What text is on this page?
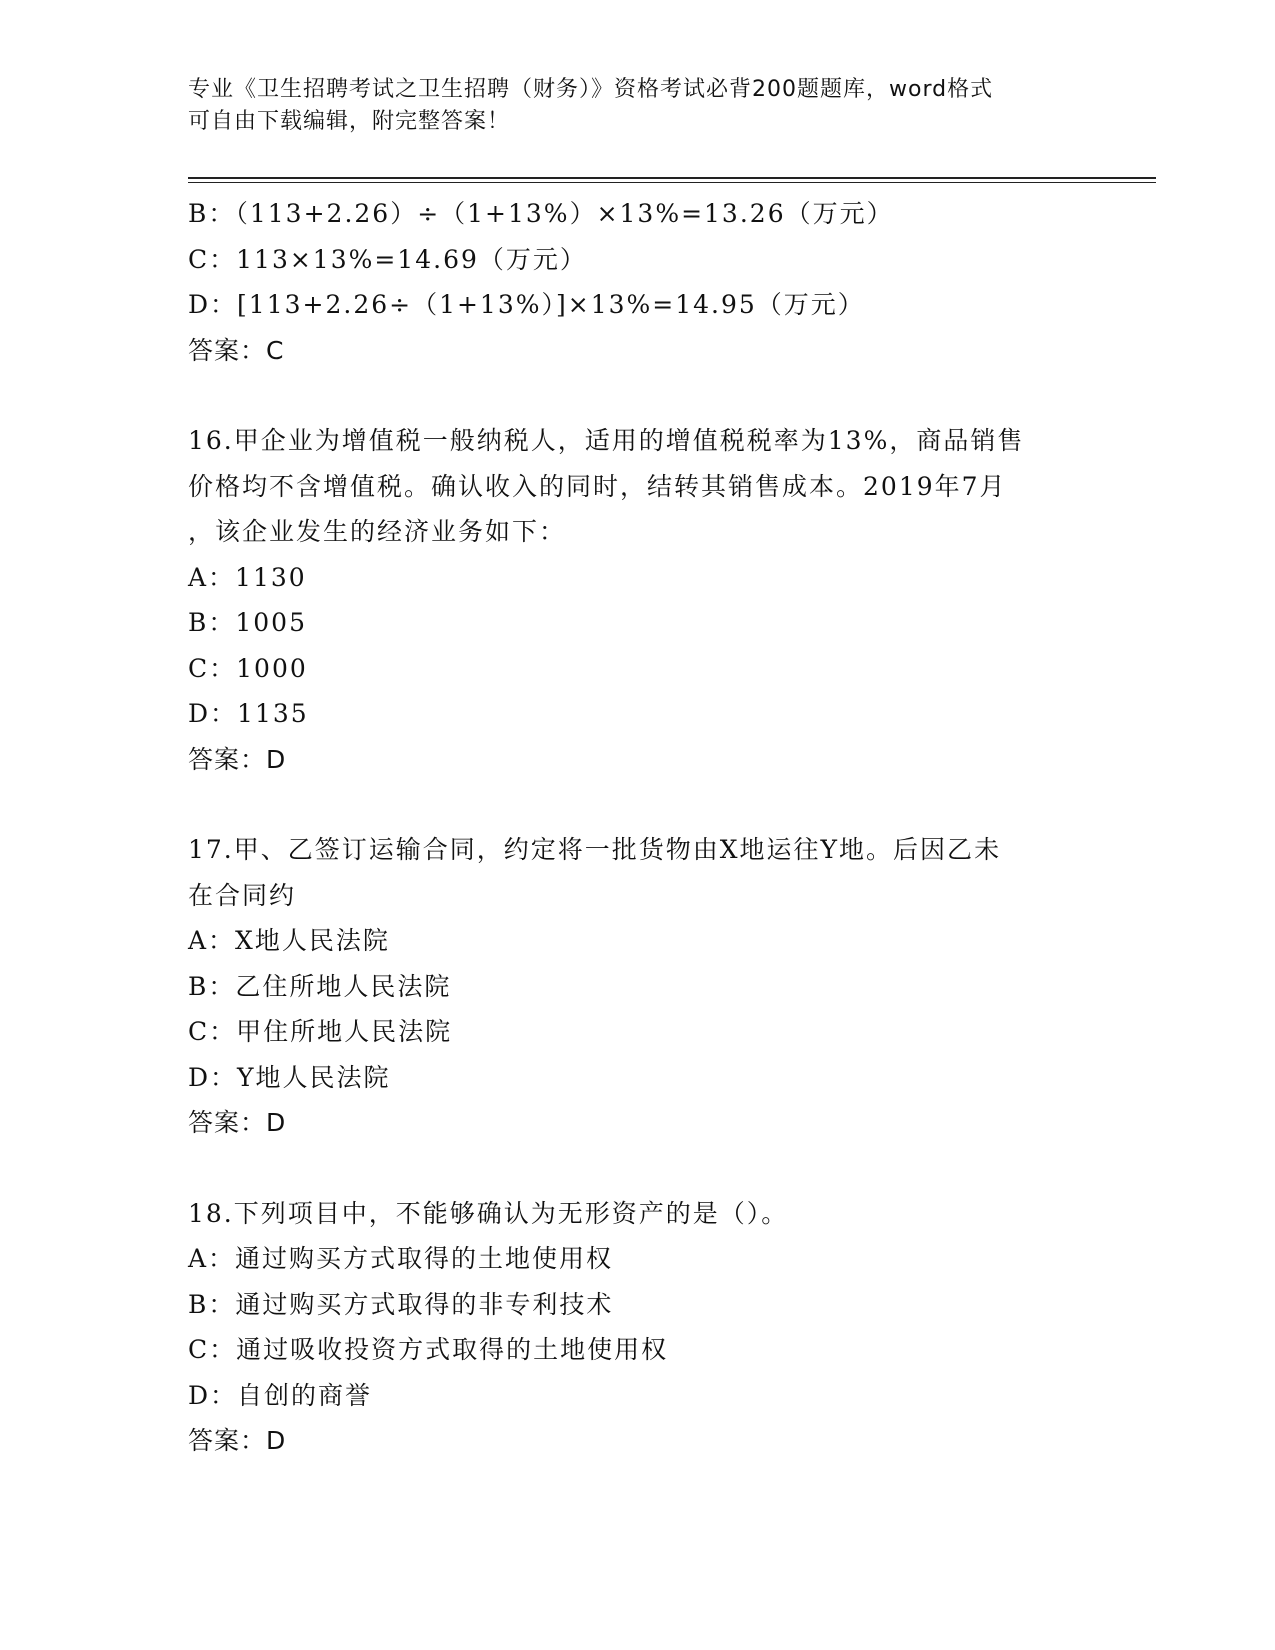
专业《卫生招聘考试之卫生招聘（财务）》资格考试必背200题题库，word格式
可自由下载编辑，附完整答案！
B：（113+2.26）÷（1+13%）×13%=13.26（万元）
C：113×13%=14.69（万元）
D：[113+2.26÷（1+13%）]×13%=14.95（万元）
答案：C
16.甲企业为增值税一般纳税人，适用的增值税税率为13%，商品销售
价格均不含增值税。确认收入的同时，结转其销售成本。2019年7月
，该企业发生的经济业务如下：
A：1130
B：1005
C：1000
D：1135
答案：D
17.甲、乙签订运输合同，约定将一批货物由X地运往Y地。后因乙未
在合同约
A：X地人民法院
B：乙住所地人民法院
C：甲住所地人民法院
D：Y地人民法院
答案：D
18.下列项目中，不能够确认为无形资产的是（）。
A：通过购买方式取得的土地使用权
B：通过购买方式取得的非专利技术
C：通过吸收投资方式取得的土地使用权
D：自创的商誉
答案：D
